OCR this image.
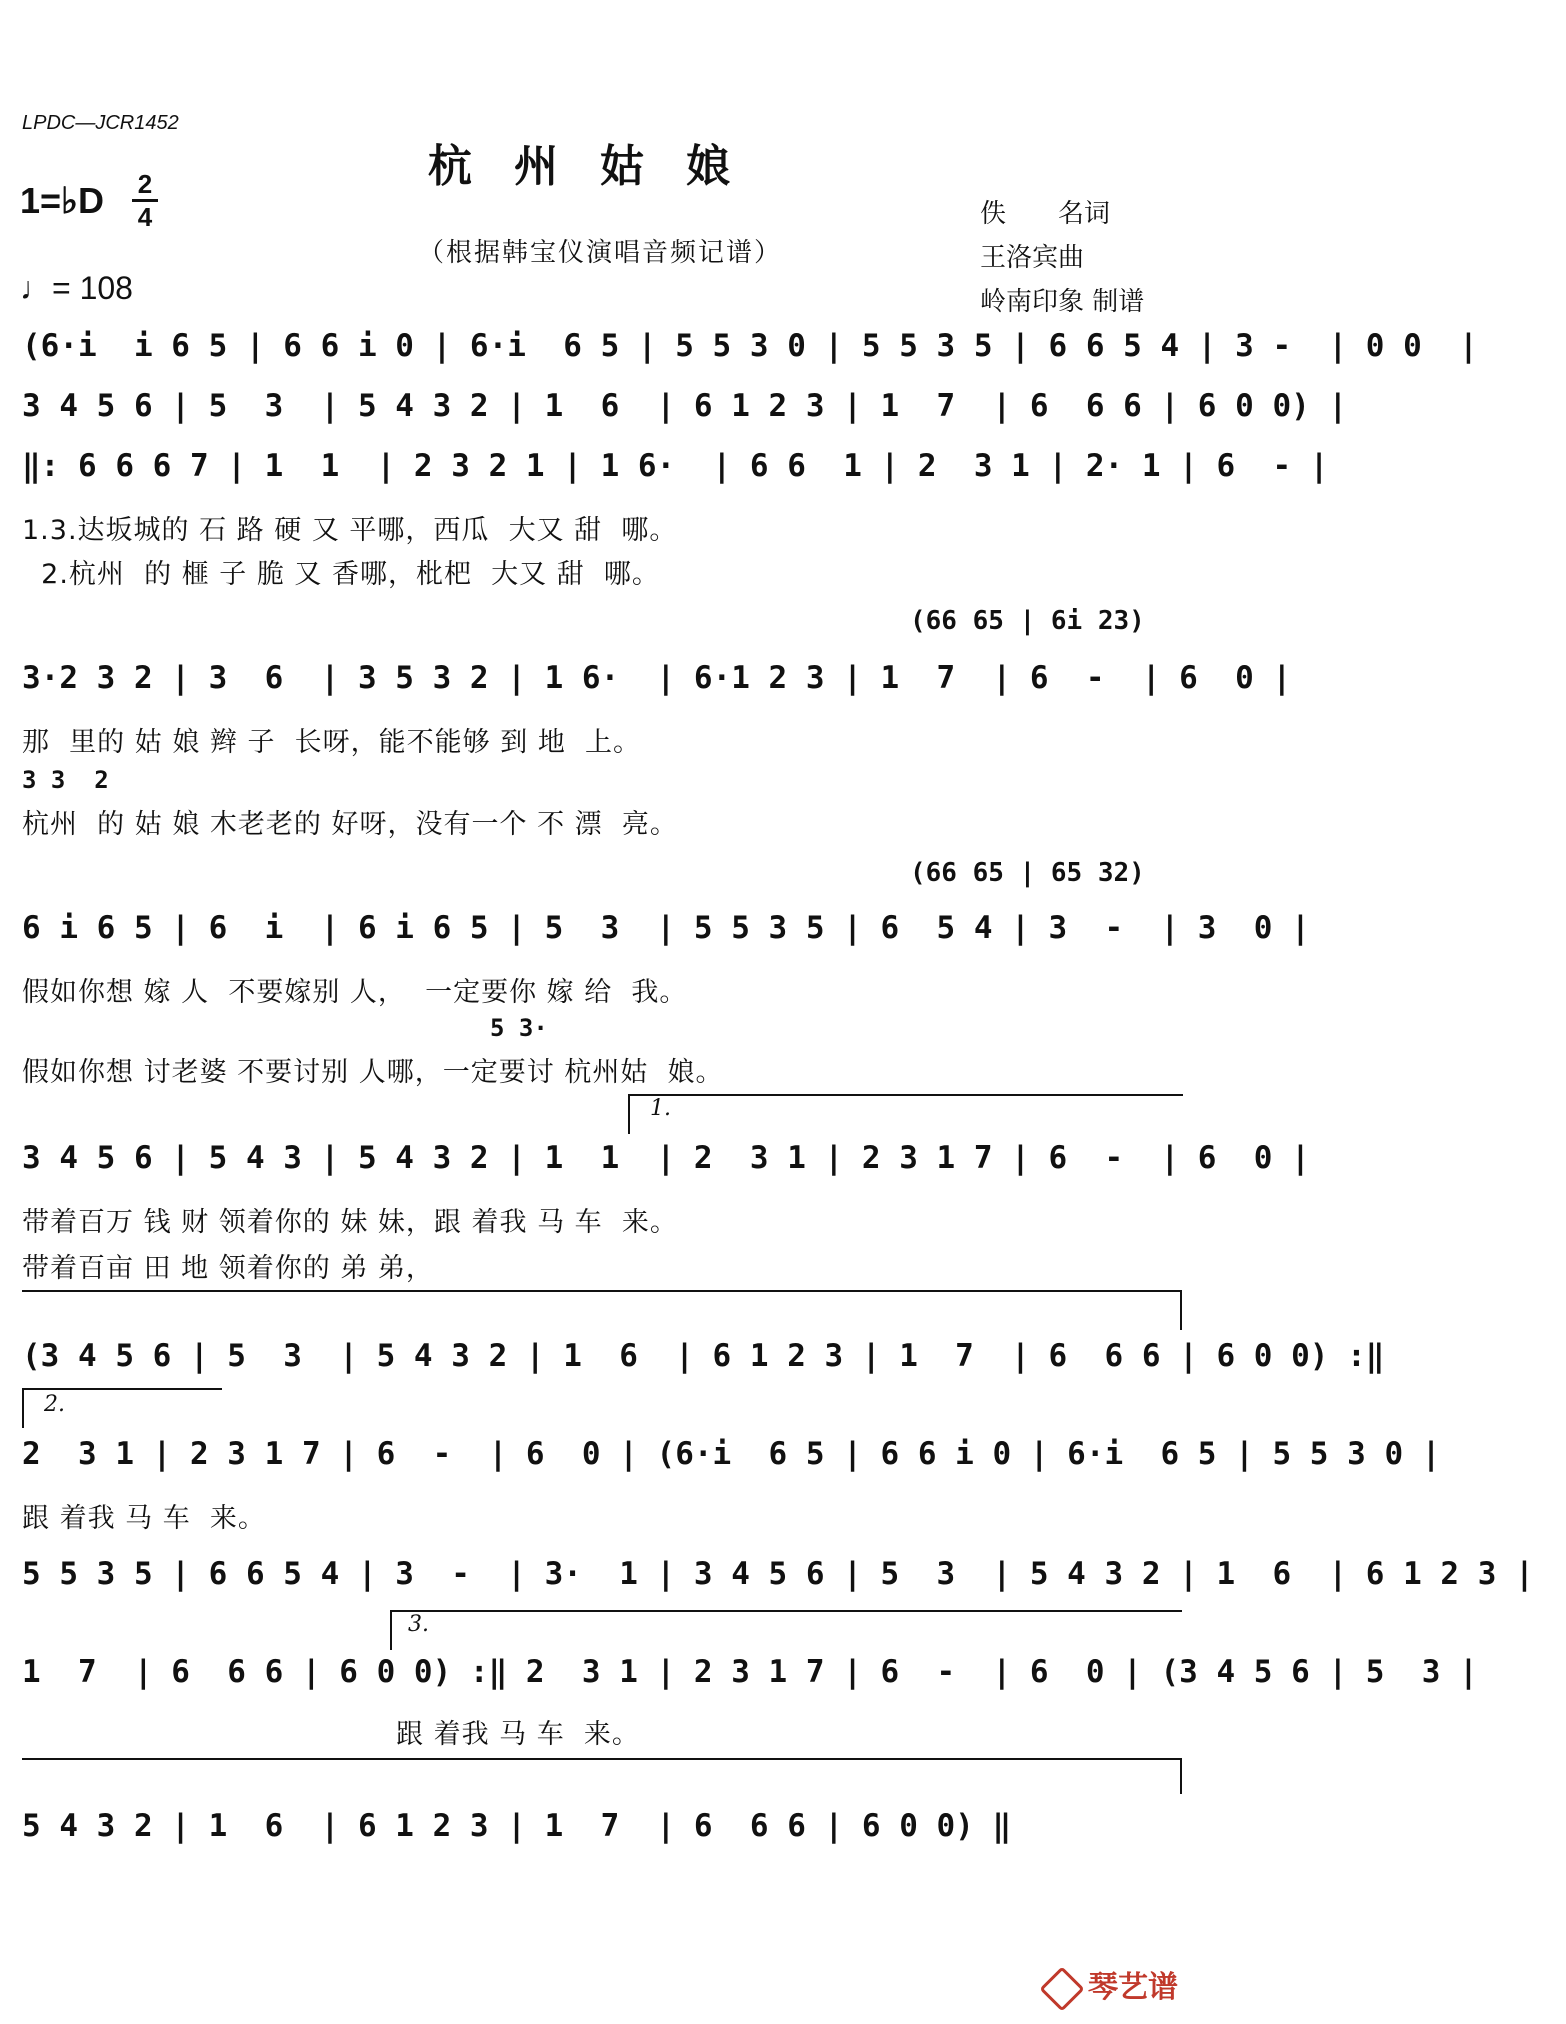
LPDC—JCR1452
杭州姑娘
1=♭D 2
4
（根据韩宝仪演唱音频记谱）
♩= 108
佚　　名词
王洛宾曲
岭南印象 制谱
(6·i  i 6 5 | 6 6 i 0 | 6·i  6 5 | 5 5 3 0 | 5 5 3 5 | 6 6 5 4 | 3 -  | 0 0  |
3 4 5 6 | 5  3  | 5 4 3 2 | 1  6  | 6 1 2 3 | 1  7  | 6  6 6 | 6 0 0) |
‖: 6 6 6 7 | 1  1  | 2 3 2 1 | 1 6·  | 6 6  1 | 2  3 1 | 2· 1 | 6  - |
1.3.达坂城的 石 路 硬 又 平哪，西瓜  大又 甜  哪。
2.杭州  的 榧 子 脆 又 香哪，枇杷  大又 甜  哪。
(66 65 | 6i 23)
3·2 3 2 | 3  6  | 3 5 3 2 | 1 6·  | 6·1 2 3 | 1  7  | 6  -  | 6  0 |
那  里的 姑 娘 辫 子  长呀，能不能够 到 地  上。
3 3  2
杭州  的 姑 娘 木老老的 好呀，没有一个 不 漂  亮。
(66 65 | 65 32)
6 i 6 5 | 6  i  | 6 i 6 5 | 5  3  | 5 5 3 5 | 6  5 4 | 3  -  | 3  0 |
假如你想 嫁 人  不要嫁别 人，  一定要你 嫁 给  我。
5 3·
假如你想 讨老婆 不要讨别 人哪，一定要讨 杭州姑  娘。
1.
3 4 5 6 | 5 4 3 | 5 4 3 2 | 1  1  | 2  3 1 | 2 3 1 7 | 6  -  | 6  0 |
带着百万 钱 财 领着你的 妹 妹，跟 着我 马 车  来。
带着百亩 田 地 领着你的 弟 弟，
(3 4 5 6 | 5  3  | 5 4 3 2 | 1  6  | 6 1 2 3 | 1  7  | 6  6 6 | 6 0 0) :‖
2.
2  3 1 | 2 3 1 7 | 6  -  | 6  0 | (6·i  6 5 | 6 6 i 0 | 6·i  6 5 | 5 5 3 0 |
跟 着我 马 车  来。
5 5 3 5 | 6 6 5 4 | 3  -  | 3·  1 | 3 4 5 6 | 5  3  | 5 4 3 2 | 1  6  | 6 1 2 3 |
3.
1  7  | 6  6 6 | 6 0 0) :‖ 2  3 1 | 2 3 1 7 | 6  -  | 6  0 | (3 4 5 6 | 5  3 |
跟 着我 马 车  来。
5 4 3 2 | 1  6  | 6 1 2 3 | 1  7  | 6  6 6 | 6 0 0) ‖
琴艺谱
